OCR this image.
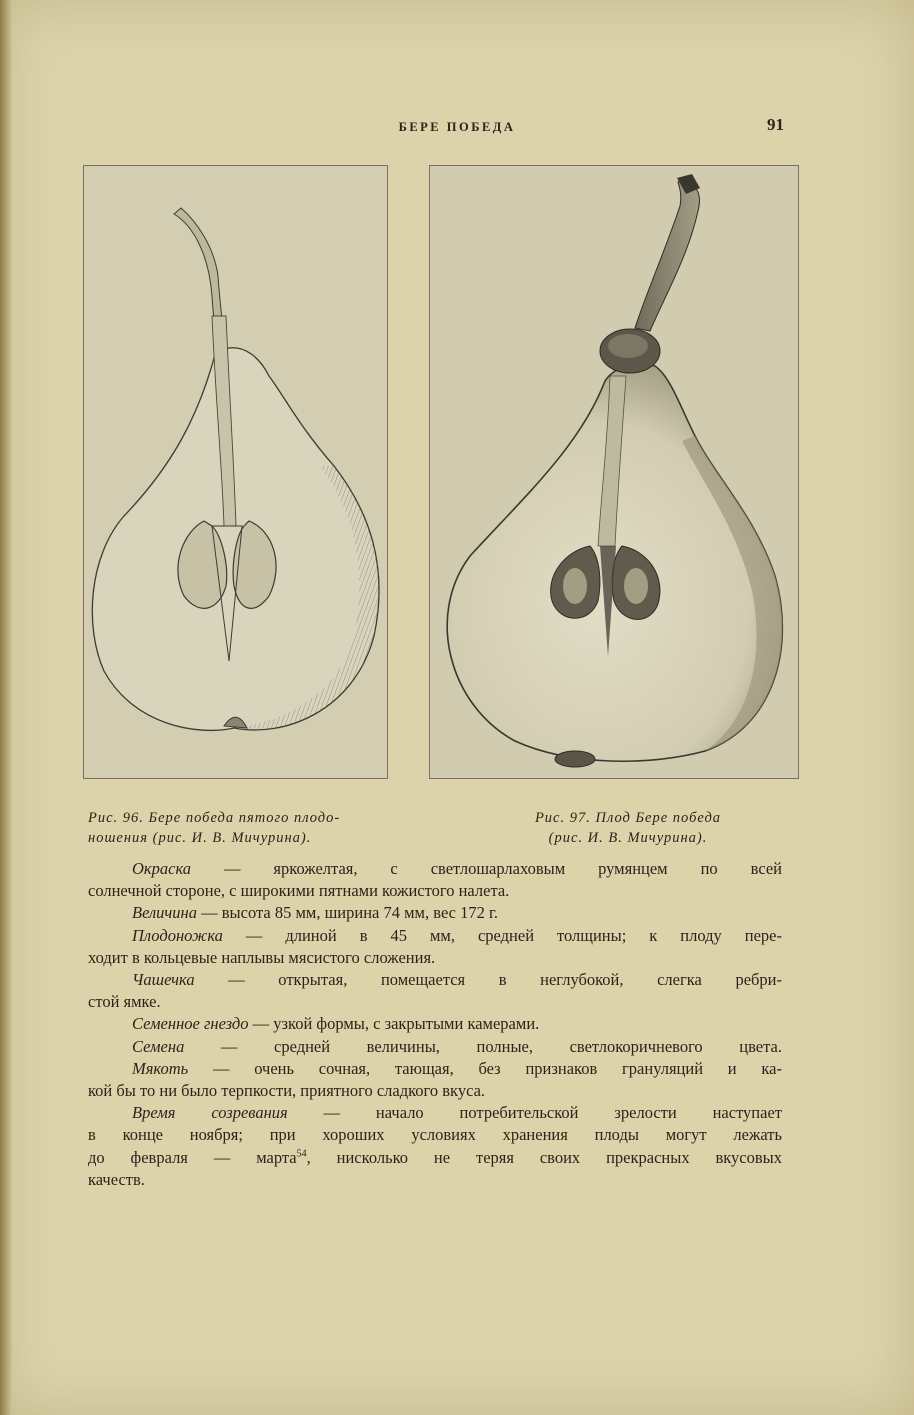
БЕРЕ ПОБЕДА	91
Рис. 96. Бере победа пятого плодо-
ношения (рис. И. В. Мичурина).
Рис. 97. Плод Бере победа
(рис. И. В. Мичурина).

Окраска — яркожелтая, с светлошарлаховым румянцем по всей
солнечной стороне, с широкими пятнами кожистого налета.

Величина — высота 85 мм, ширина 74 мм, вес 172 г.

Плодоножка — длиной в 45 мм, средней толщины; к плоду пере-
ходит в кольцевые наплывы мясистого сложения.

Чашечка — открытая, помещается в неглубокой, слегка ребри-
стой ямке.

Семенное гнездо — узкой формы, с закрытыми камерами.

Семена — средней величины, полные, светлокоричневого цвета.

Мякоть — очень сочная, тающая, без признаков грануляций и ка-
кой бы то ни было терпкости, приятного сладкого вкуса.

Время созревания — начало потребительской зрелости наступает
в конце ноября; при хороших условиях хранения плоды могут лежать
до февраля — марта$^{54}$, нисколько не теряя своих прекрасных вкусовых
качеств.
